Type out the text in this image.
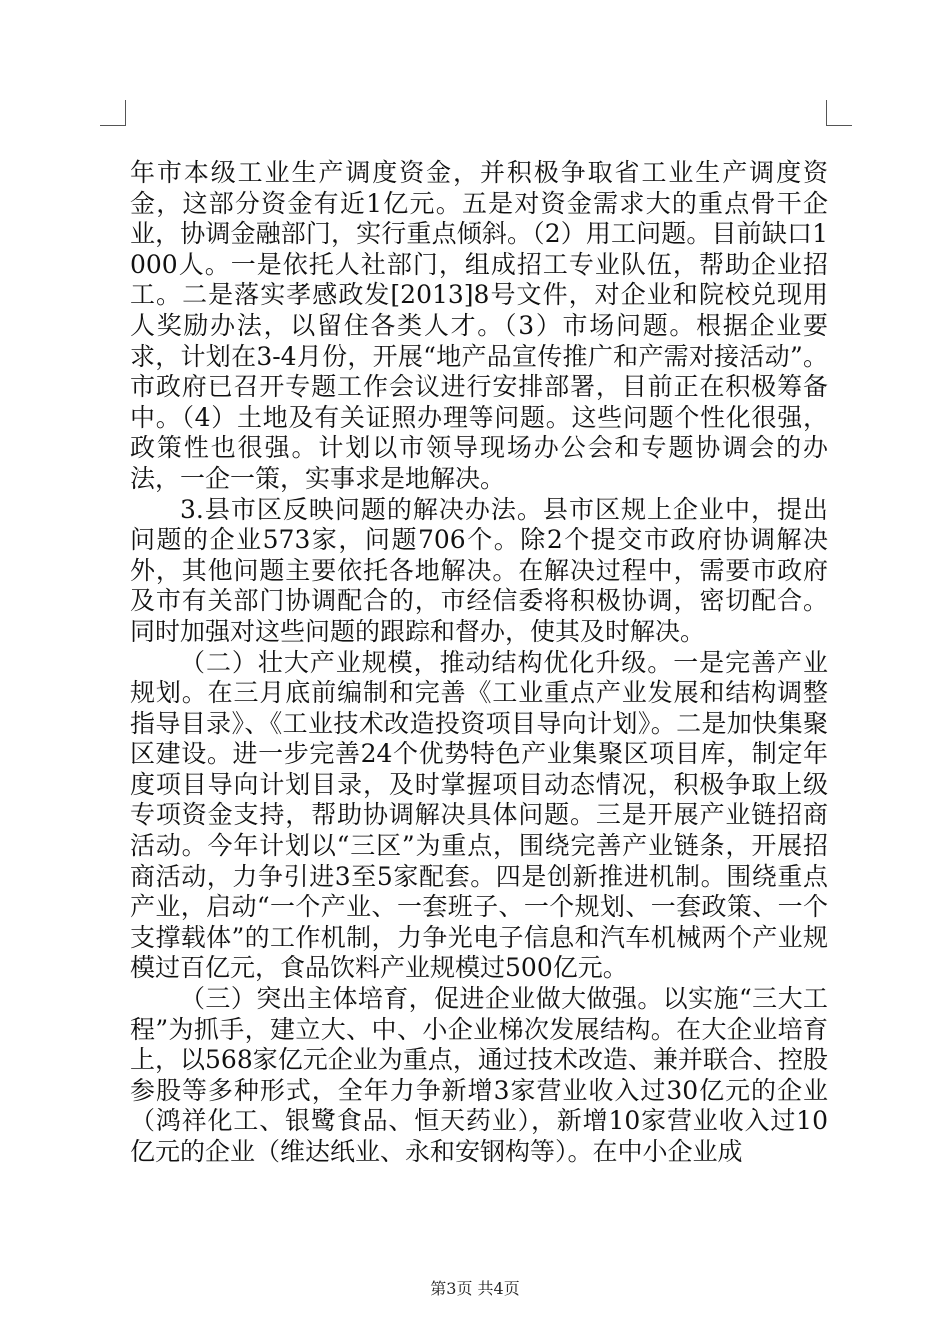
年市本级工业生产调度资金，并积极争取省工业生产调度资金，这部分资金有近1亿元。五是对资金需求大的重点骨干企业，协调金融部门，实行重点倾斜。（2）用工问题。目前缺口1000人。一是依托人社部门，组成招工专业队伍，帮助企业招工。二是落实孝感政发[2013]8号文件，对企业和院校兑现用人奖励办法，以留住各类人才。（3）市场问题。根据企业要求，计划在3-4月份，开展“地产品宣传推广和产需对接活动”。市政府已召开专题工作会议进行安排部署，目前正在积极筹备中。（4）土地及有关证照办理等问题。这些问题个性化很强，政策性也很强。计划以市领导现场办公会和专题协调会的办法，一企一策，实事求是地解决。

3.县市区反映问题的解决办法。县市区规上企业中，提出问题的企业573家，问题706个。除2个提交市政府协调解决外，其他问题主要依托各地解决。在解决过程中，需要市政府及市有关部门协调配合的，市经信委将积极协调，密切配合。同时加强对这些问题的跟踪和督办，使其及时解决。

（二）壮大产业规模，推动结构优化升级。一是完善产业规划。在三月底前编制和完善《工业重点产业发展和结构调整指导目录》、《工业技术改造投资项目导向计划》。二是加快集聚区建设。进一步完善24个优势特色产业集聚区项目库，制定年度项目导向计划目录，及时掌握项目动态情况，积极争取上级专项资金支持，帮助协调解决具体问题。三是开展产业链招商活动。今年计划以“三区”为重点，围绕完善产业链条，开展招商活动，力争引进3至5家配套。四是创新推进机制。围绕重点产业，启动“一个产业、一套班子、一个规划、一套政策、一个支撑载体”的工作机制，力争光电子信息和汽车机械两个产业规模过百亿元，食品饮料产业规模过500亿元。

（三）突出主体培育，促进企业做大做强。以实施“三大工程”为抓手，建立大、中、小企业梯次发展结构。在大企业培育上，以568家亿元企业为重点，通过技术改造、兼并联合、控股参股等多种形式，全年力争新增3家营业收入过30亿元的企业（鸿祥化工、银鹭食品、恒天药业），新增10家营业收入过10亿元的企业（维达纸业、永和安钢构等）。在中小企业成

第3页 共4页
